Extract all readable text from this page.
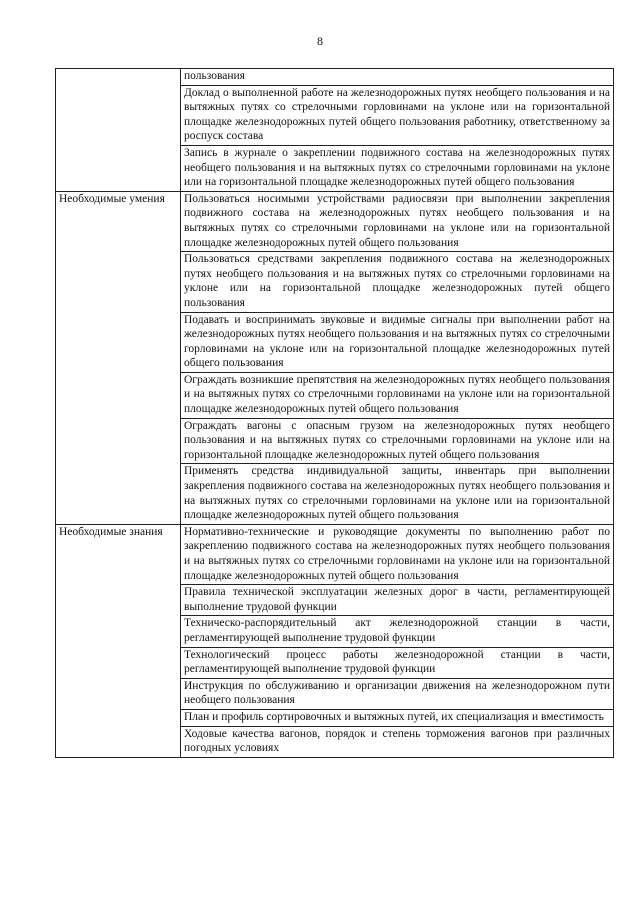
8
	пользования
	Доклад о выполненной работе на железнодорожных путях необщего пользования и на вытяжных путях со стрелочными горловинами на уклоне или на горизонтальной площадке железнодорожных путей общего пользования работнику, ответственному за роспуск состава
	Запись в журнале о закреплении подвижного состава на железнодорожных путях необщего пользования и на вытяжных путях со стрелочными горловинами на уклоне или на горизонтальной площадке железнодорожных путей общего пользования
Необходимые умения	Пользоваться носимыми устройствами радиосвязи при выполнении закрепления подвижного состава на железнодорожных путях необщего пользования и на вытяжных путях со стрелочными горловинами на уклоне или на горизонтальной площадке железнодорожных путей общего пользования
	Пользоваться средствами закрепления подвижного состава на железнодорожных путях необщего пользования и на вытяжных путях со стрелочными горловинами на уклоне или на горизонтальной площадке железнодорожных путей общего пользования
	Подавать и воспринимать звуковые и видимые сигналы при выполнении работ на железнодорожных путях необщего пользования и на вытяжных путях со стрелочными горловинами на уклоне или на горизонтальной площадке железнодорожных путей общего пользования
	Ограждать возникшие препятствия на железнодорожных путях необщего пользования и на вытяжных путях со стрелочными горловинами на уклоне или на горизонтальной площадке железнодорожных путей общего пользования
	Ограждать вагоны с опасным грузом на железнодорожных путях необщего пользования и на вытяжных путях со стрелочными горловинами на уклоне или на горизонтальной площадке железнодорожных путей общего пользования
	Применять средства индивидуальной защиты, инвентарь при выполнении закрепления подвижного состава на железнодорожных путях необщего пользования и на вытяжных путях со стрелочными горловинами на уклоне или на горизонтальной площадке железнодорожных путей общего пользования
Необходимые знания	Нормативно-технические и руководящие документы по выполнению работ по закреплению подвижного состава на железнодорожных путях необщего пользования и на вытяжных путях со стрелочными горловинами на уклоне или на горизонтальной площадке железнодорожных путей общего пользования
	Правила технической эксплуатации железных дорог в части, регламентирующей выполнение трудовой функции
	Техническо-распорядительный акт железнодорожной станции в части, регламентирующей выполнение трудовой функции
	Технологический процесс работы железнодорожной станции в части, регламентирующей выполнение трудовой функции
	Инструкция по обслуживанию и организации движения на железнодорожном пути необщего пользования
	План и профиль сортировочных и вытяжных путей, их специализация и вместимость
	Ходовые качества вагонов, порядок и степень торможения вагонов при различных погодных условиях
